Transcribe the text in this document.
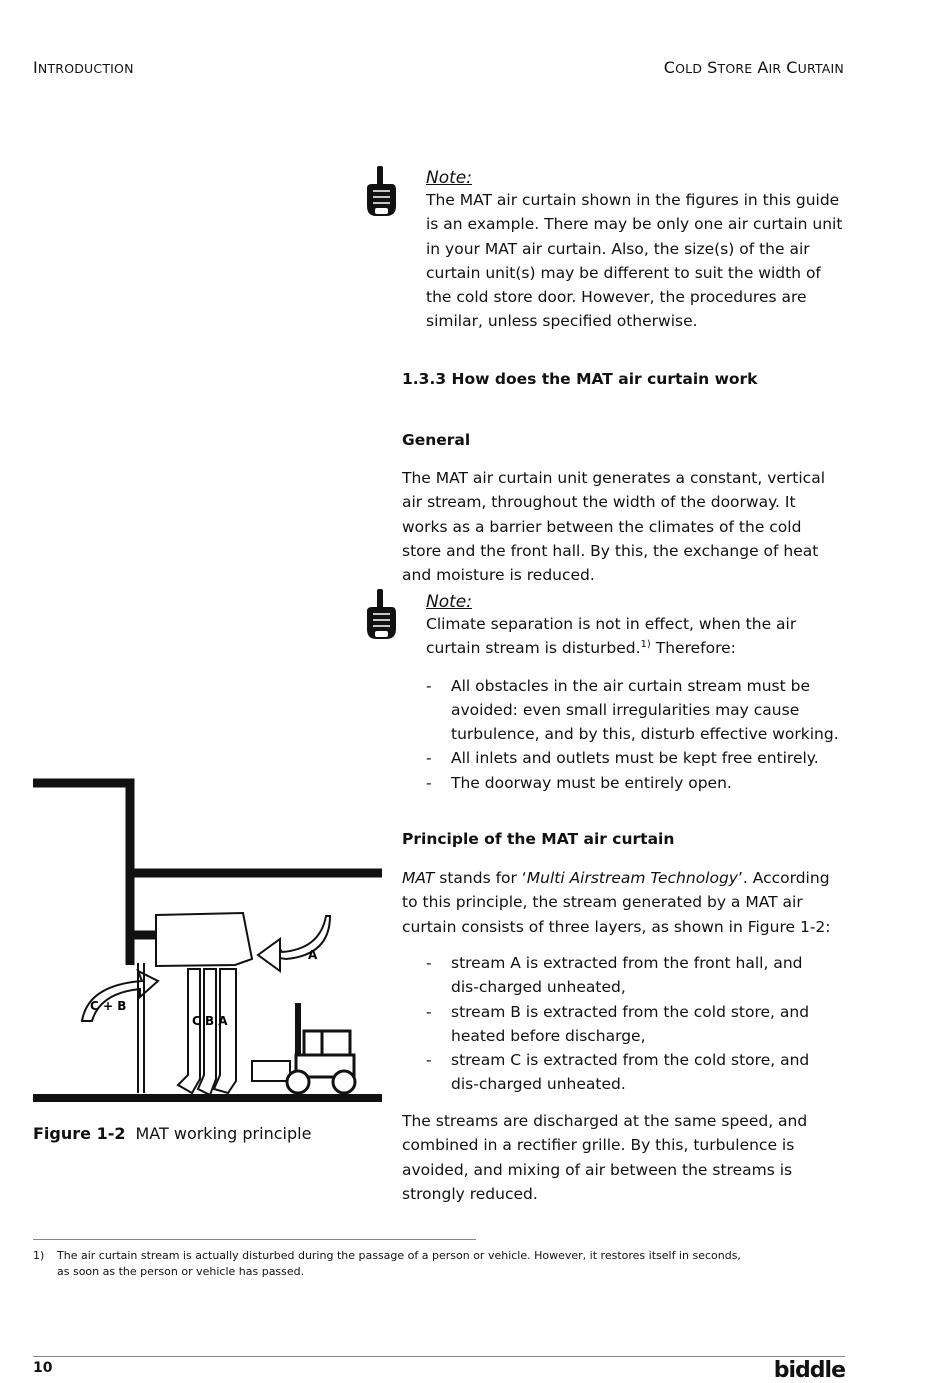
INTRODUCTION	COLD STORE AIR CURTAIN
Note:
The MAT air curtain shown in the figures in this guide is an example. There may be only one air curtain unit in your MAT air curtain. Also, the size(s) of the air curtain unit(s) may be different to suit the width of the cold store door. However, the procedures are similar, unless specified otherwise.
1.3.3 How does the MAT air curtain work
General
The MAT air curtain unit generates a constant, vertical air stream, throughout the width of the doorway. It works as a barrier between the climates of the cold store and the front hall. By this, the exchange of heat and moisture is reduced.
Note:
Climate separation is not in effect, when the air curtain stream is disturbed.$^{1)}$ Therefore:
- All obstacles in the air curtain stream must be avoided: even small irregularities may cause turbulence, and by this, disturb effective working.
- All inlets and outlets must be kept free entirely.
- The doorway must be entirely open.
Principle of the MAT air curtain
MAT stands for ‘Multi Airstream Technology’. According to this principle, the stream generated by a MAT air curtain consists of three layers, as shown in Figure 1-2:
- stream A is extracted from the front hall, and dis-charged unheated,
- stream B is extracted from the cold store, and heated before discharge,
- stream C is extracted from the cold store, and dis-charged unheated.
The streams are discharged at the same speed, and combined in a rectifier grille. By this, turbulence is avoided, and mixing of air between the streams is strongly reduced.
A
C + B
C B A
Figure 1-2 MAT working principle
1) The air curtain stream is actually disturbed during the passage of a person or vehicle. However, it restores itself in seconds, as soon as the person or vehicle has passed.
10	biddle
